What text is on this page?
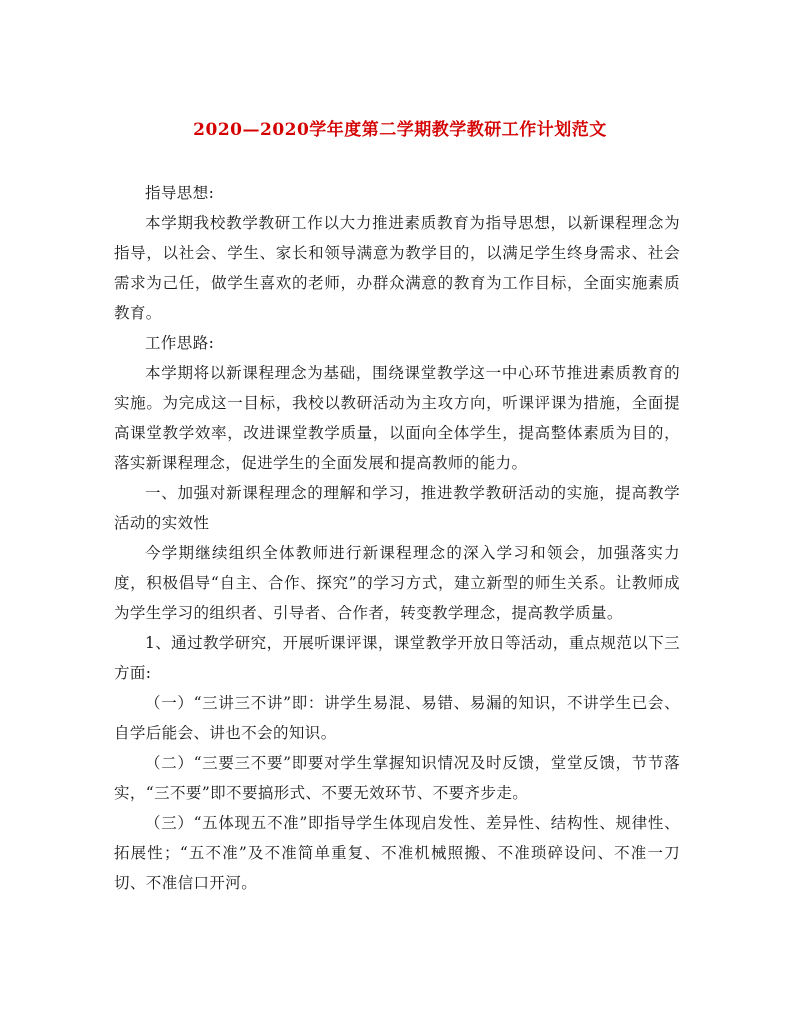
2020—2020学年度第二学期教学教研工作计划范文

指导思想:

本学期我校教学教研工作以大力推进素质教育为指导思想，以新课程理念为指导，以社会、学生、家长和领导满意为教学目的，以满足学生终身需求、社会需求为己任，做学生喜欢的老师，办群众满意的教育为工作目标，全面实施素质教育。

工作思路:

本学期将以新课程理念为基础，围绕课堂教学这一中心环节推进素质教育的实施。为完成这一目标，我校以教研活动为主攻方向，听课评课为措施，全面提高课堂教学效率，改进课堂教学质量，以面向全体学生，提高整体素质为目的，落实新课程理念，促进学生的全面发展和提高教师的能力。

一、加强对新课程理念的理解和学习，推进教学教研活动的实施，提高教学活动的实效性

今学期继续组织全体教师进行新课程理念的深入学习和领会，加强落实力度，积极倡导“自主、合作、探究”的学习方式，建立新型的师生关系。让教师成为学生学习的组织者、引导者、合作者，转变教学理念，提高教学质量。

1、通过教学研究，开展听课评课，课堂教学开放日等活动，重点规范以下三方面:

（一）“三讲三不讲”即：讲学生易混、易错、易漏的知识，不讲学生已会、自学后能会、讲也不会的知识。

（二）“三要三不要”即要对学生掌握知识情况及时反馈，堂堂反馈，节节落实，“三不要”即不要搞形式、不要无效环节、不要齐步走。

（三）“五体现五不准”即指导学生体现启发性、差异性、结构性、规律性、拓展性；“五不准”及不准简单重复、不准机械照搬、不准琐碎设问、不准一刀切、不准信口开河。
